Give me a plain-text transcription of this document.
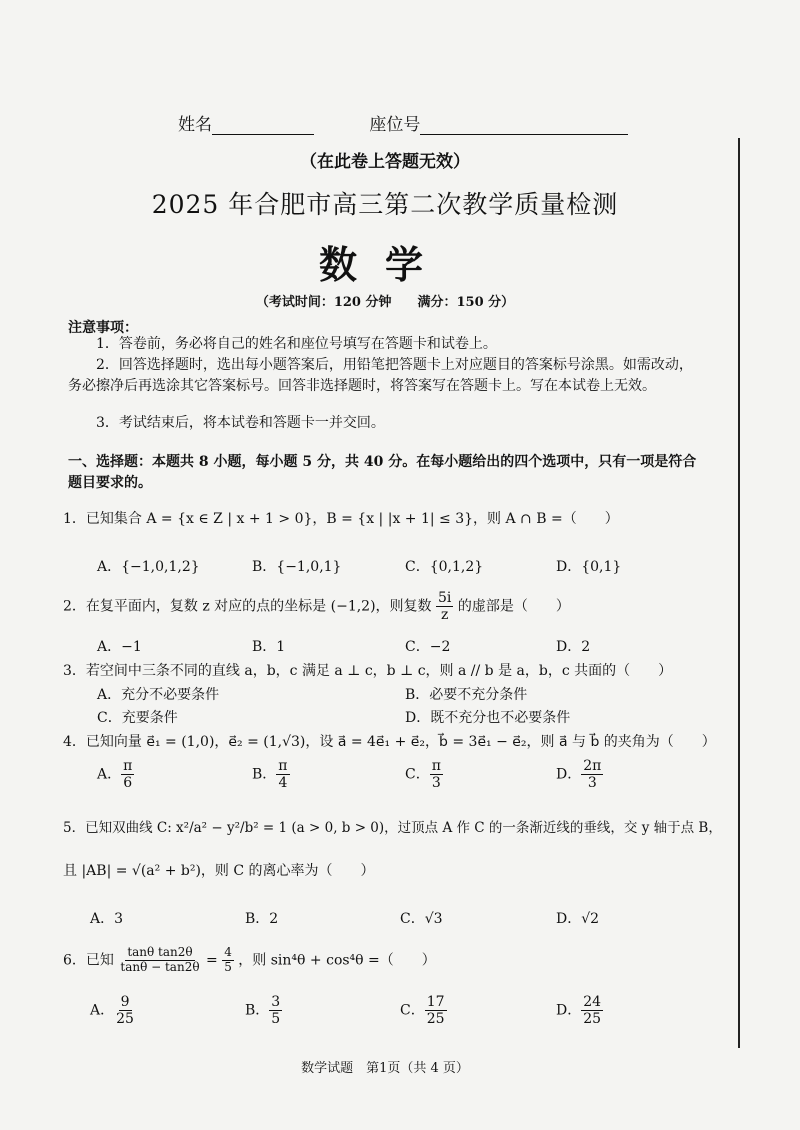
姓名	座位号
（在此卷上答题无效）
2025 年合肥市高三第二次教学质量检测
数学
（考试时间：120 分钟　　满分：150 分）
注意事项：
1．答卷前，务必将自己的姓名和座位号填写在答题卡和试卷上。
2．回答选择题时，选出每小题答案后，用铅笔把答题卡上对应题目的答案标号涂黑。如需改动，务必擦净后再选涂其它答案标号。回答非选择题时，将答案写在答题卡上。写在本试卷上无效。
3．考试结束后，将本试卷和答题卡一并交回。
一、选择题：本题共 8 小题，每小题 5 分，共 40 分。在每小题给出的四个选项中，只有一项是符合题目要求的。
1．已知集合 A = {x ∈ Z | x + 1 > 0}，B = {x | |x + 1| ≤ 3}，则 A ∩ B =（　　）
A．{−1,0,1,2}	B．{−1,0,1}	C．{0,1,2}	D．{0,1}
2．在复平面内，复数 z 对应的点的坐标是 (−1,2)，则复数 $\frac{5i}{z}$ 的虚部是（　　）
A．−1	B．1	C．−2	D．2
3．若空间中三条不同的直线 a，b，c 满足 a ⊥ c，b ⊥ c，则 a // b 是 a，b，c 共面的（　　）
A．充分不必要条件	B．必要不充分条件
C．充要条件	D．既不充分也不必要条件
4．已知向量 e⃗₁ = (1,0)，e⃗₂ = (1,√3)，设 a⃗ = 4e⃗₁ + e⃗₂，b⃗ = 3e⃗₁ − e⃗₂，则 a⃗ 与 b⃗ 的夹角为（　　）
A． $\frac{\pi}{6}$	B． $\frac{\pi}{4}$	C． $\frac{\pi}{3}$	D． $\frac{2\pi}{3}$
5．已知双曲线 C: x²/a² − y²/b² = 1 (a > 0, b > 0)，过顶点 A 作 C 的一条渐近线的垂线，交 y 轴于点 B，
且 |AB| = √(a² + b²)，则 C 的离心率为（　　）
A．3	B．2	C．√3	D．√2
6．已知 $\frac{\text{tanθ tan2θ}}{\tan\theta - \tan 2\theta} = \frac{4}{5}$ ，则 sin⁴θ + cos⁴θ =（　　）
A． $\frac{9}{25}$	B． $\frac{3}{5}$	C． $\frac{17}{25}$	D． $\frac{24}{25}$
数学试题　第1页（共 4 页）
